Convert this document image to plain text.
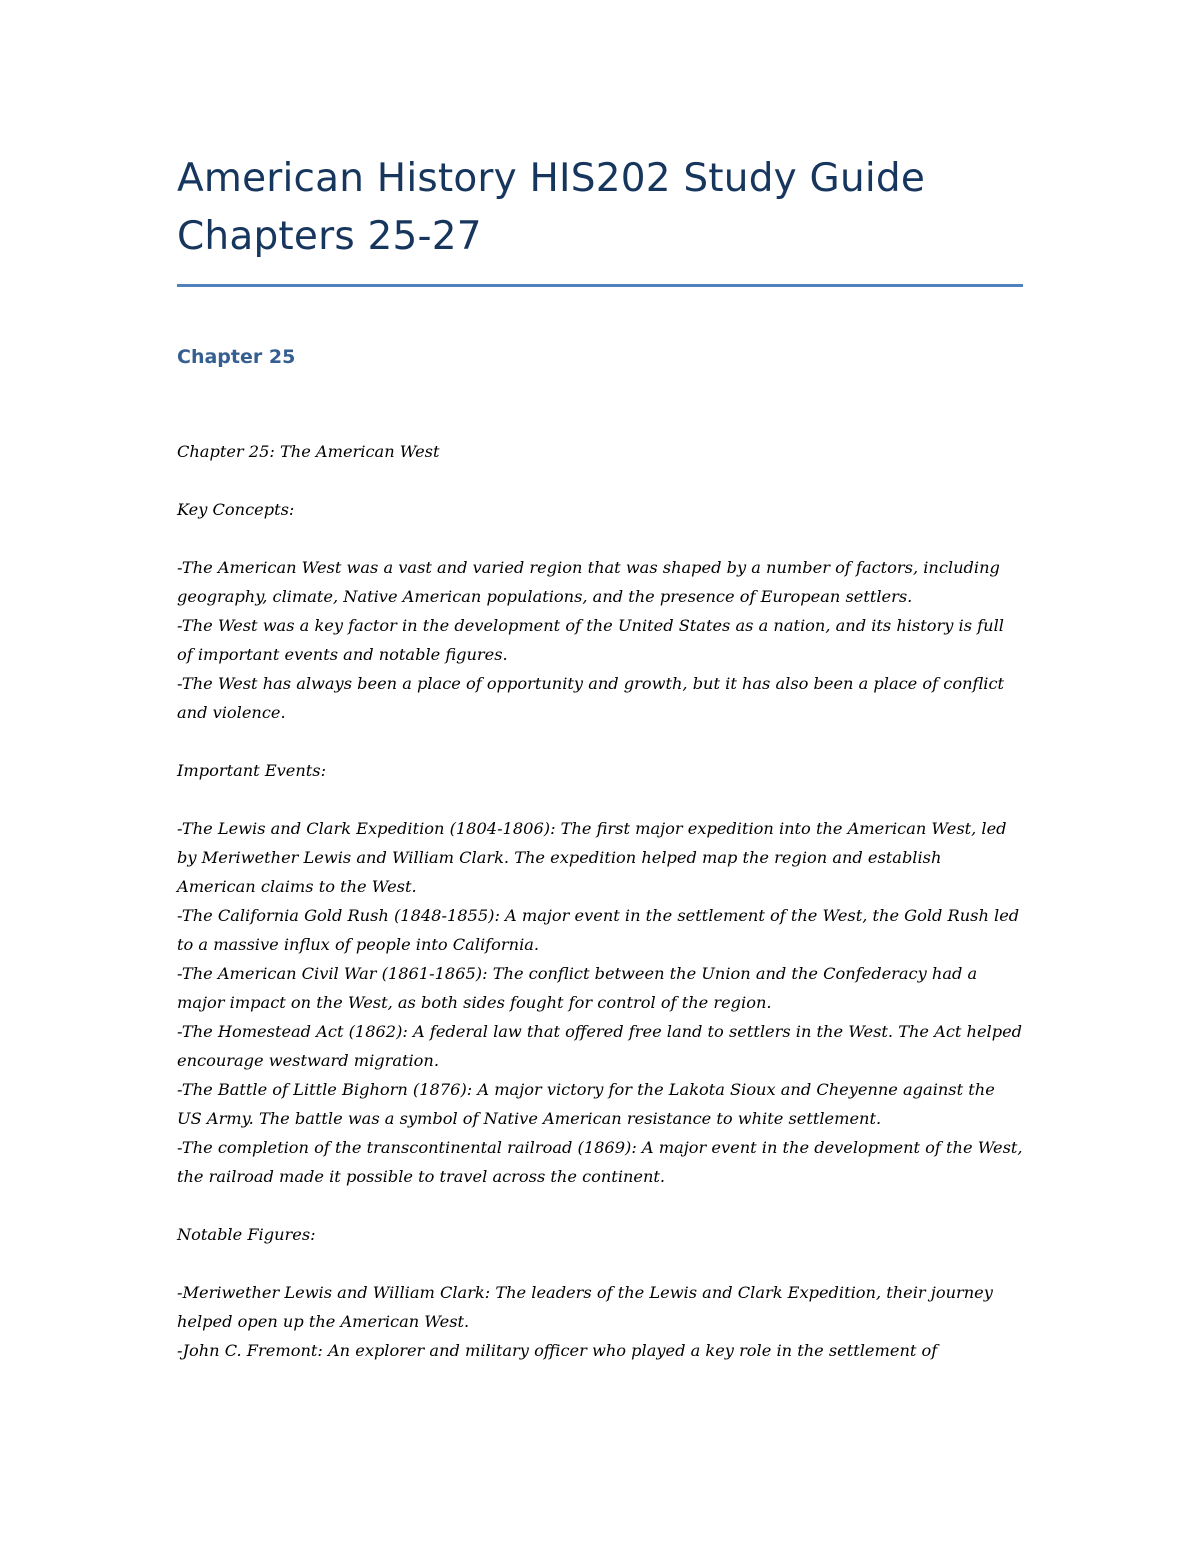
American History HIS202 Study Guide
Chapters 25-27
Chapter 25

Chapter 25: The American West

Key Concepts:

-The American West was a vast and varied region that was shaped by a number of factors, including geography, climate, Native American populations, and the presence of European settlers.

-The West was a key factor in the development of the United States as a nation, and its history is full of important events and notable figures.

-The West has always been a place of opportunity and growth, but it has also been a place of conflict and violence.

Important Events:

-The Lewis and Clark Expedition (1804-1806): The first major expedition into the American West, led by Meriwether Lewis and William Clark. The expedition helped map the region and establish American claims to the West.

-The California Gold Rush (1848-1855): A major event in the settlement of the West, the Gold Rush led to a massive influx of people into California.

-The American Civil War (1861-1865): The conflict between the Union and the Confederacy had a major impact on the West, as both sides fought for control of the region.

-The Homestead Act (1862): A federal law that offered free land to settlers in the West. The Act helped encourage westward migration.

-The Battle of Little Bighorn (1876): A major victory for the Lakota Sioux and Cheyenne against the US Army. The battle was a symbol of Native American resistance to white settlement.

-The completion of the transcontinental railroad (1869): A major event in the development of the West, the railroad made it possible to travel across the continent.

Notable Figures:

-Meriwether Lewis and William Clark: The leaders of the Lewis and Clark Expedition, their journey helped open up the American West.

-John C. Fremont: An explorer and military officer who played a key role in the settlement of
